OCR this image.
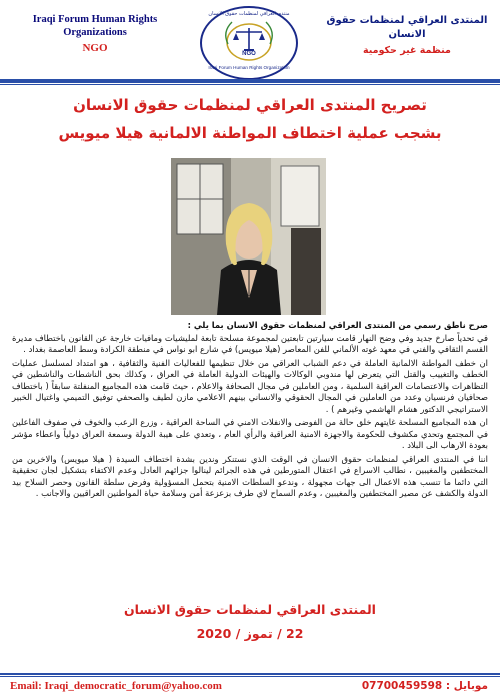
Iraqi Forum Human Rights Organizations
NGO
منتدى العراقي لمنظمات حقوق الانسان
NGO
Iraqi Forum Human Rights Organization
المنتدى العراقي لمنظمات حقوق الانسان
منظمة غير حكومية
تصريح المنتدى العراقي لمنظمات حقوق الانسان
بشجب عملية اختطاف المواطنة الالمانية هيلا ميويس

صرح ناطق رسمي من المنتدى العراقي لمنظمات حقوق الانسان بما يلي :

في تحدياً صارخ جديد وفي وضح النهار قامت سيارتين تابعتين لمجموعة مسلحة تابعة لمليشيات ومافيات خارجة عن القانون باختطاف مديرة القسم الثقافي والفني في معهد غوته الألماني للفن المعاصر (هيلا ميويس) في شارع ابو نواس في منطقة الكرادة وسط العاصمة بغداد .

ان خطف المواطنة الالمانية العاملة في دعم الشباب العراقي من خلال تنظيمها للفعاليات الفنية والثقافية ، هو امتداد لمسلسل عمليات الخطف والتغييب والقتل التي يتعرض لها مندوبي الوكالات والهيئات الدولية العاملة في العراق ، وكذلك بحق الناشطات والناشطين في التظاهرات والاعتصامات العراقية السلمية ، ومن العاملين في مجال الصحافة والاعلام ، حيث قامت هذه المجاميع المنفلتة سابقاً ( باختطاف صحافيان فرنسيان وعدد من العاملين في المجال الحقوقي والانساني بينهم الاعلامي مازن لطيف والصحفي توفيق التميمي واغتيال الخبير الاستراتيجي الدكتور هشام الهاشمي وغيرهم ) .

ان هذه المجاميع المسلحة غايتهم خلق حالة من الفوضى والانفلات الامني في الساحة العراقية ، وزرع الرعب والخوف في صفوف الفاعلين في المجتمع وتحدي مكشوف للحكومة والاجهزة الامنية العراقية والرأي العام ، وتعدي على هيبة الدولة وسمعة العراق دولياً واعطاء مؤشر بعودة الارهاب الى البلاد .

اننا في المنتدى العراقي لمنظمات حقوق الانسان في الوقت الذي نستنكر وندين بشدة اختطاف السيدة ( هيلا ميويس) والاخرين من المختطفين والمغيبين ، نطالب الاسراع في اعتقال المتورطين في هذه الجرائم لينالوا جزائهم العادل وعدم الاكتفاء بتشكيل لجان تحقيقية التي دائما ما تنسب هذه الاعمال الى جهات مجهولة ، وندعو السلطات الامنية بتحمل المسؤولية وفرض سلطة القانون وحصر السلاح بيد الدولة والكشف عن مصير المختطفين والمغيبين ، وعدم السماح لاي طرف بزعزعة أمن وسلامة حياة المواطنين العراقيين والاجانب .

المنتدى العراقي لمنظمات حقوق الانسان
22 / تموز / 2020
Email: Iraqi_democratic_forum@yahoo.com	موبايل : 07700459598
